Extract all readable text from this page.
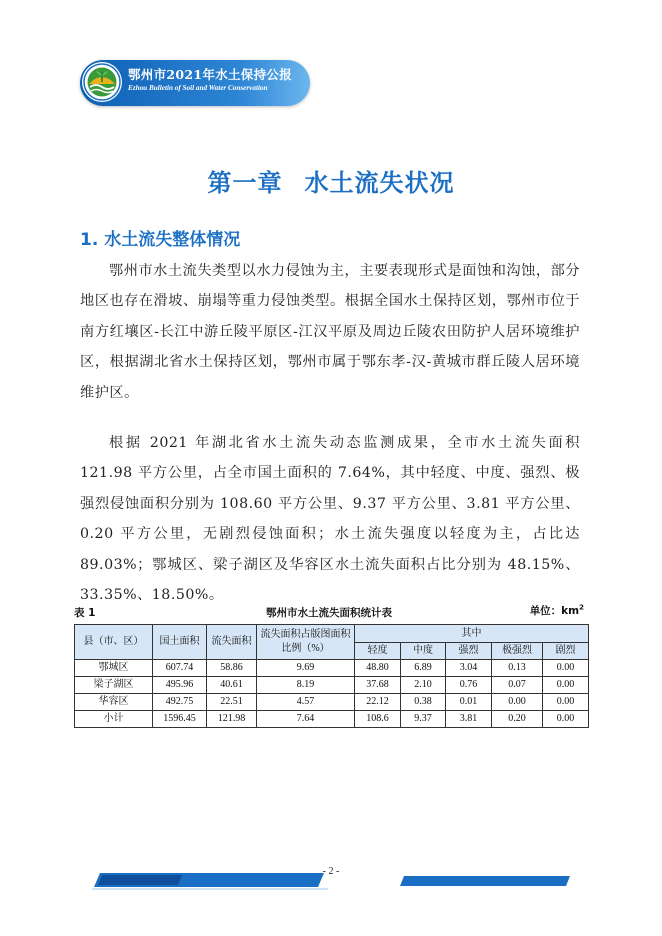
鄂州市2021年水土保持公报
Ezhou Bulletin of Soil and Water Conservation
第一章 水土流失状况
1. 水土流失整体情况
鄂州市水土流失类型以水力侵蚀为主，主要表现形式是面蚀和沟蚀，部分地区也存在滑坡、崩塌等重力侵蚀类型。根据全国水土保持区划，鄂州市位于南方红壤区-长江中游丘陵平原区-江汉平原及周边丘陵农田防护人居环境维护区，根据湖北省水土保持区划，鄂州市属于鄂东孝-汉-黄城市群丘陵人居环境维护区。
根据 2021 年湖北省水土流失动态监测成果，全市水土流失面积 121.98 平方公里，占全市国土面积的 7.64%，其中轻度、中度、强烈、极强烈侵蚀面积分别为 108.60 平方公里、9.37 平方公里、3.81 平方公里、0.20 平方公里，无剧烈侵蚀面积；水土流失强度以轻度为主，占比达 89.03%；鄂城区、梁子湖区及华容区水土流失面积占比分别为 48.15%、33.35%、18.50%。
鄂州市水土流失面积统计表
表 1	单位：$km^2$
县（市、区）	国土面积	流失面积	流失面积占版图面积比例（%）	其中				
				轻度	中度	强烈	极强烈	剧烈
鄂城区	607.74	58.86	9.69	48.80	6.89	3.04	0.13	0.00
梁子湖区	495.96	40.61	8.19	37.68	2.10	0.76	0.07	0.00
华容区	492.75	22.51	4.57	22.12	0.38	0.01	0.00	0.00
小计	1596.45	121.98	7.64	108.6	9.37	3.81	0.20	0.00
- 2 -
